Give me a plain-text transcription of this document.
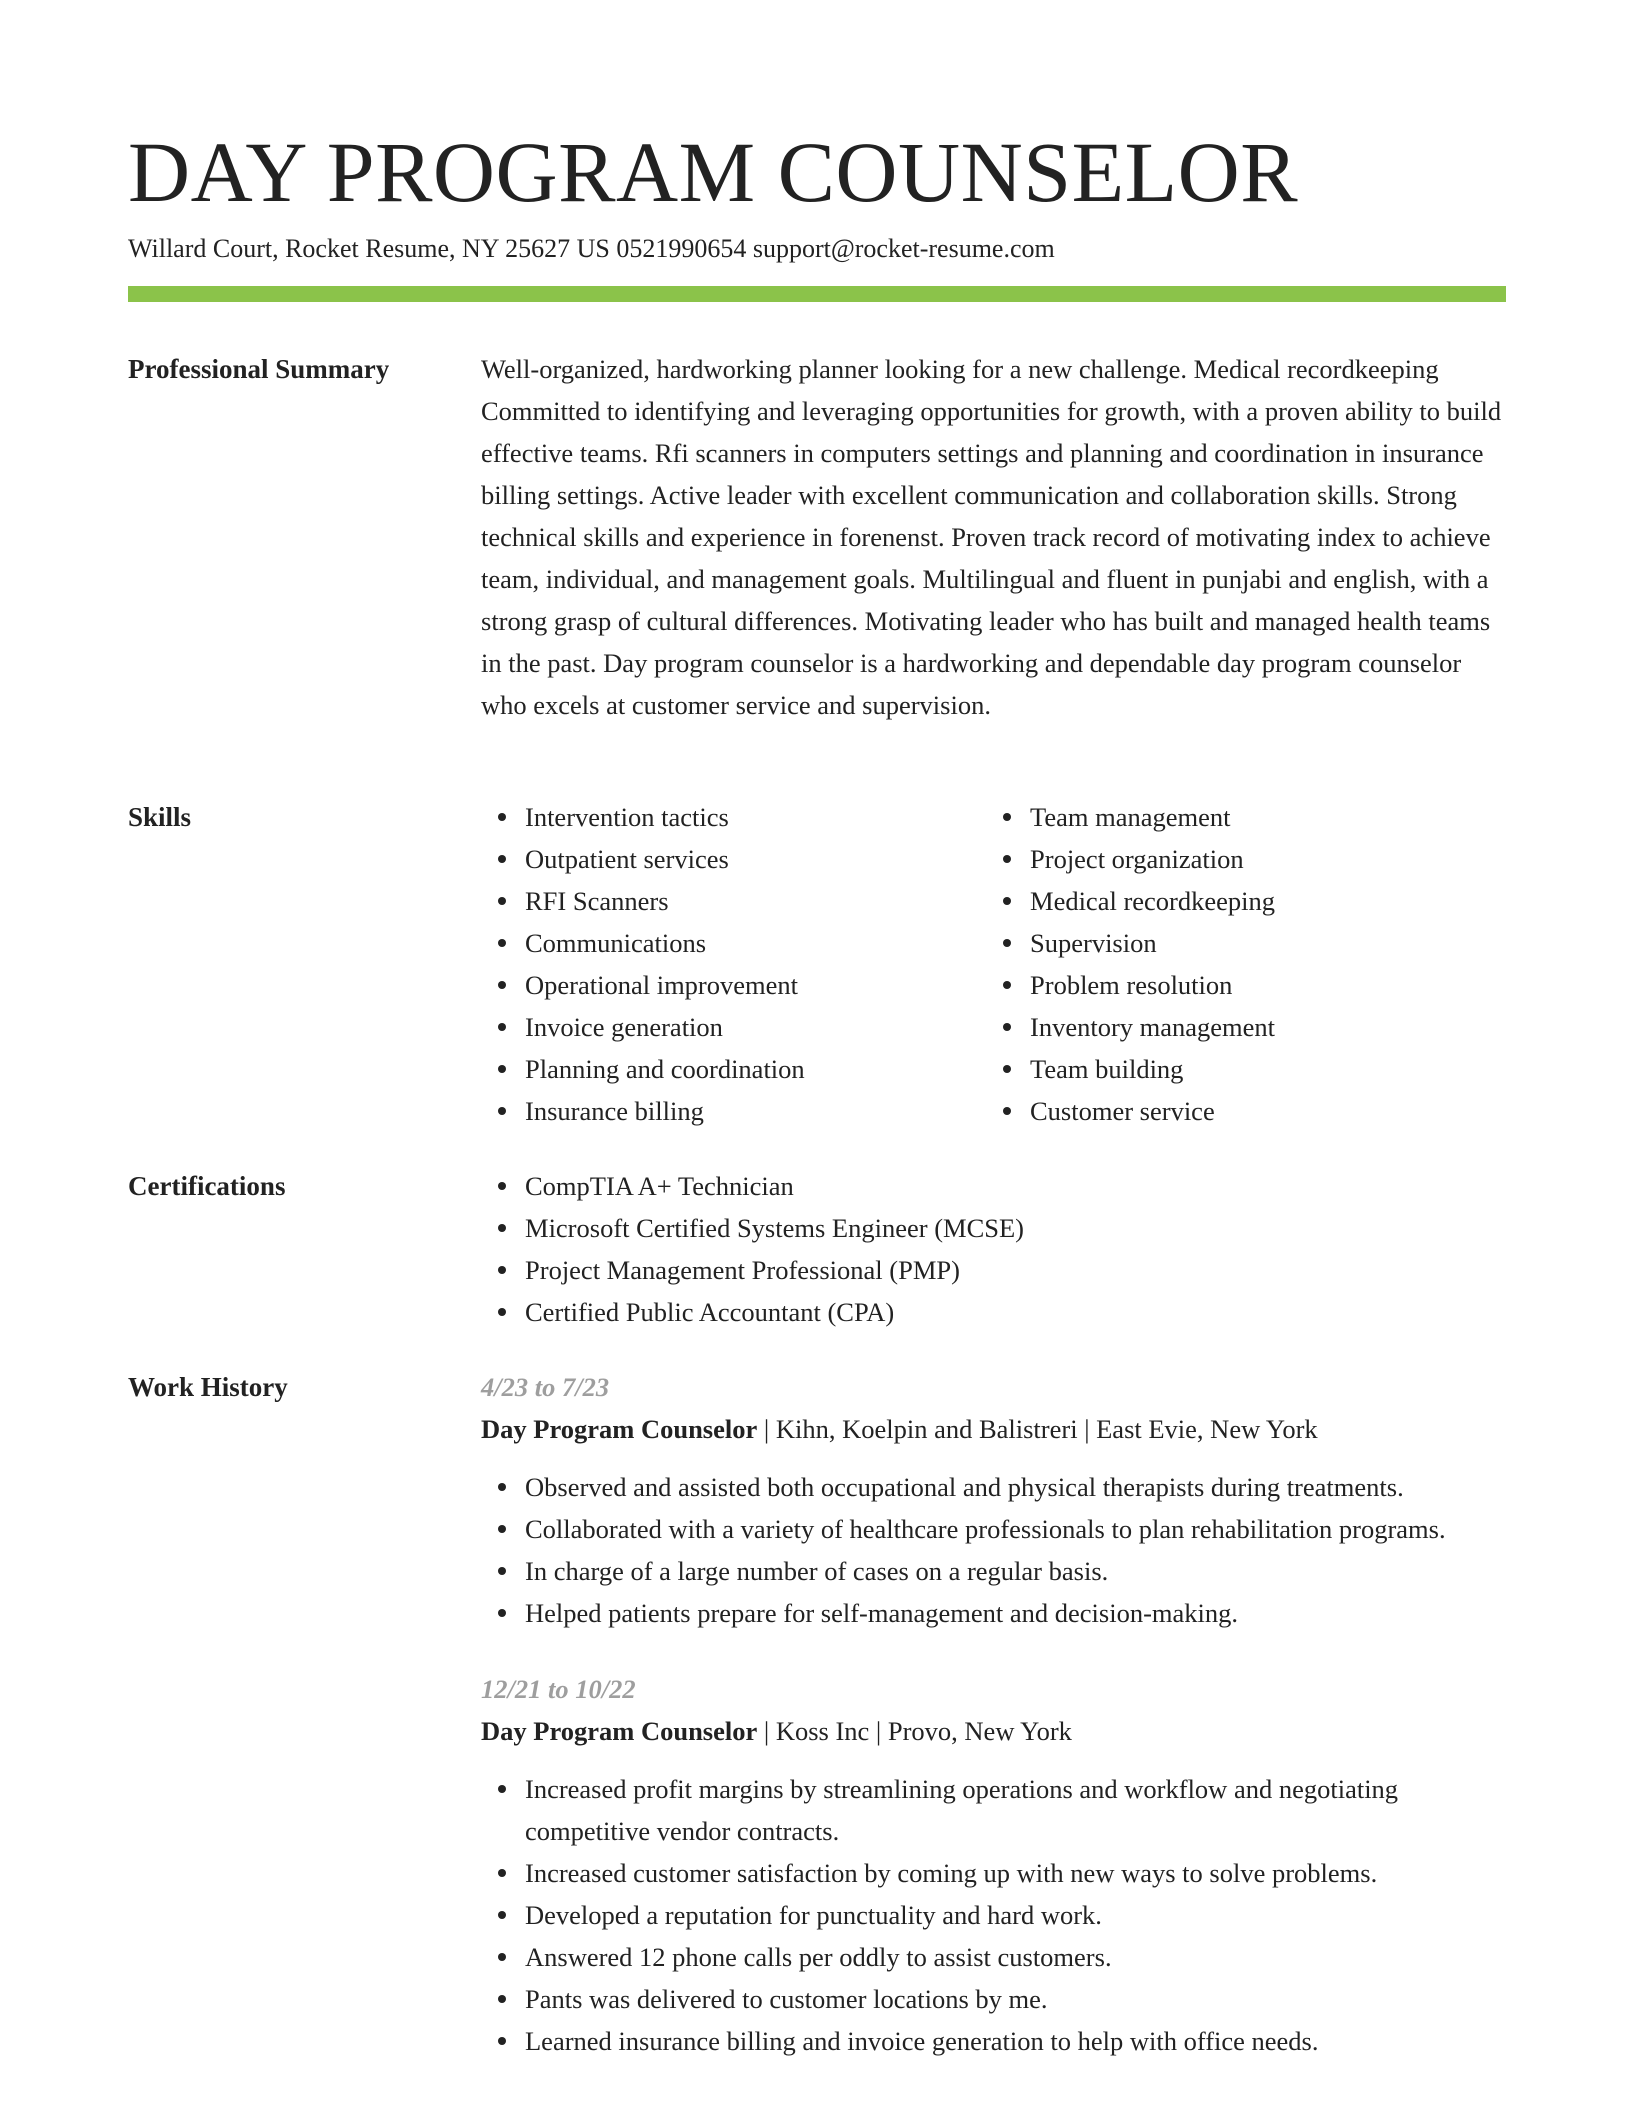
DAY PROGRAM COUNSELOR
Willard Court, Rocket Resume, NY 25627 US 0521990654 support@rocket-resume.com
Professional Summary	Well-organized, hardworking planner looking for a new challenge. Medical recordkeeping Committed to identifying and leveraging opportunities for growth, with a proven ability to build effective teams. Rfi scanners in computers settings and planning and coordination in insurance billing settings. Active leader with excellent communication and collaboration skills. Strong technical skills and experience in forenenst. Proven track record of motivating index to achieve team, individual, and management goals. Multilingual and fluent in punjabi and english, with a strong grasp of cultural differences. Motivating leader who has built and managed health teams in the past. Day program counselor is a hardworking and dependable day program counselor who excels at customer service and supervision.

Skills	Intervention tactics
Outpatient services
RFI Scanners
Communications
Operational improvement
Invoice generation
Planning and coordination
Insurance billing
Team management
Project organization
Medical recordkeeping
Supervision
Problem resolution
Inventory management
Team building
Customer service
Certifications	CompTIA A+ Technician
Microsoft Certified Systems Engineer (MCSE)
Project Management Professional (PMP)
Certified Public Accountant (CPA)
Work History	4/23 to 7/23
Day Program Counselor | Kihn, Koelpin and Balistreri | East Evie, New York
Observed and assisted both occupational and physical therapists during treatments.
Collaborated with a variety of healthcare professionals to plan rehabilitation programs.
In charge of a large number of cases on a regular basis.
Helped patients prepare for self-management and decision-making.
12/21 to 10/22
Day Program Counselor | Koss Inc | Provo, New York
Increased profit margins by streamlining operations and workflow and negotiating competitive vendor contracts.
Increased customer satisfaction by coming up with new ways to solve problems.
Developed a reputation for punctuality and hard work.
Answered 12 phone calls per oddly to assist customers.
Pants was delivered to customer locations by me.
Learned insurance billing and invoice generation to help with office needs.
